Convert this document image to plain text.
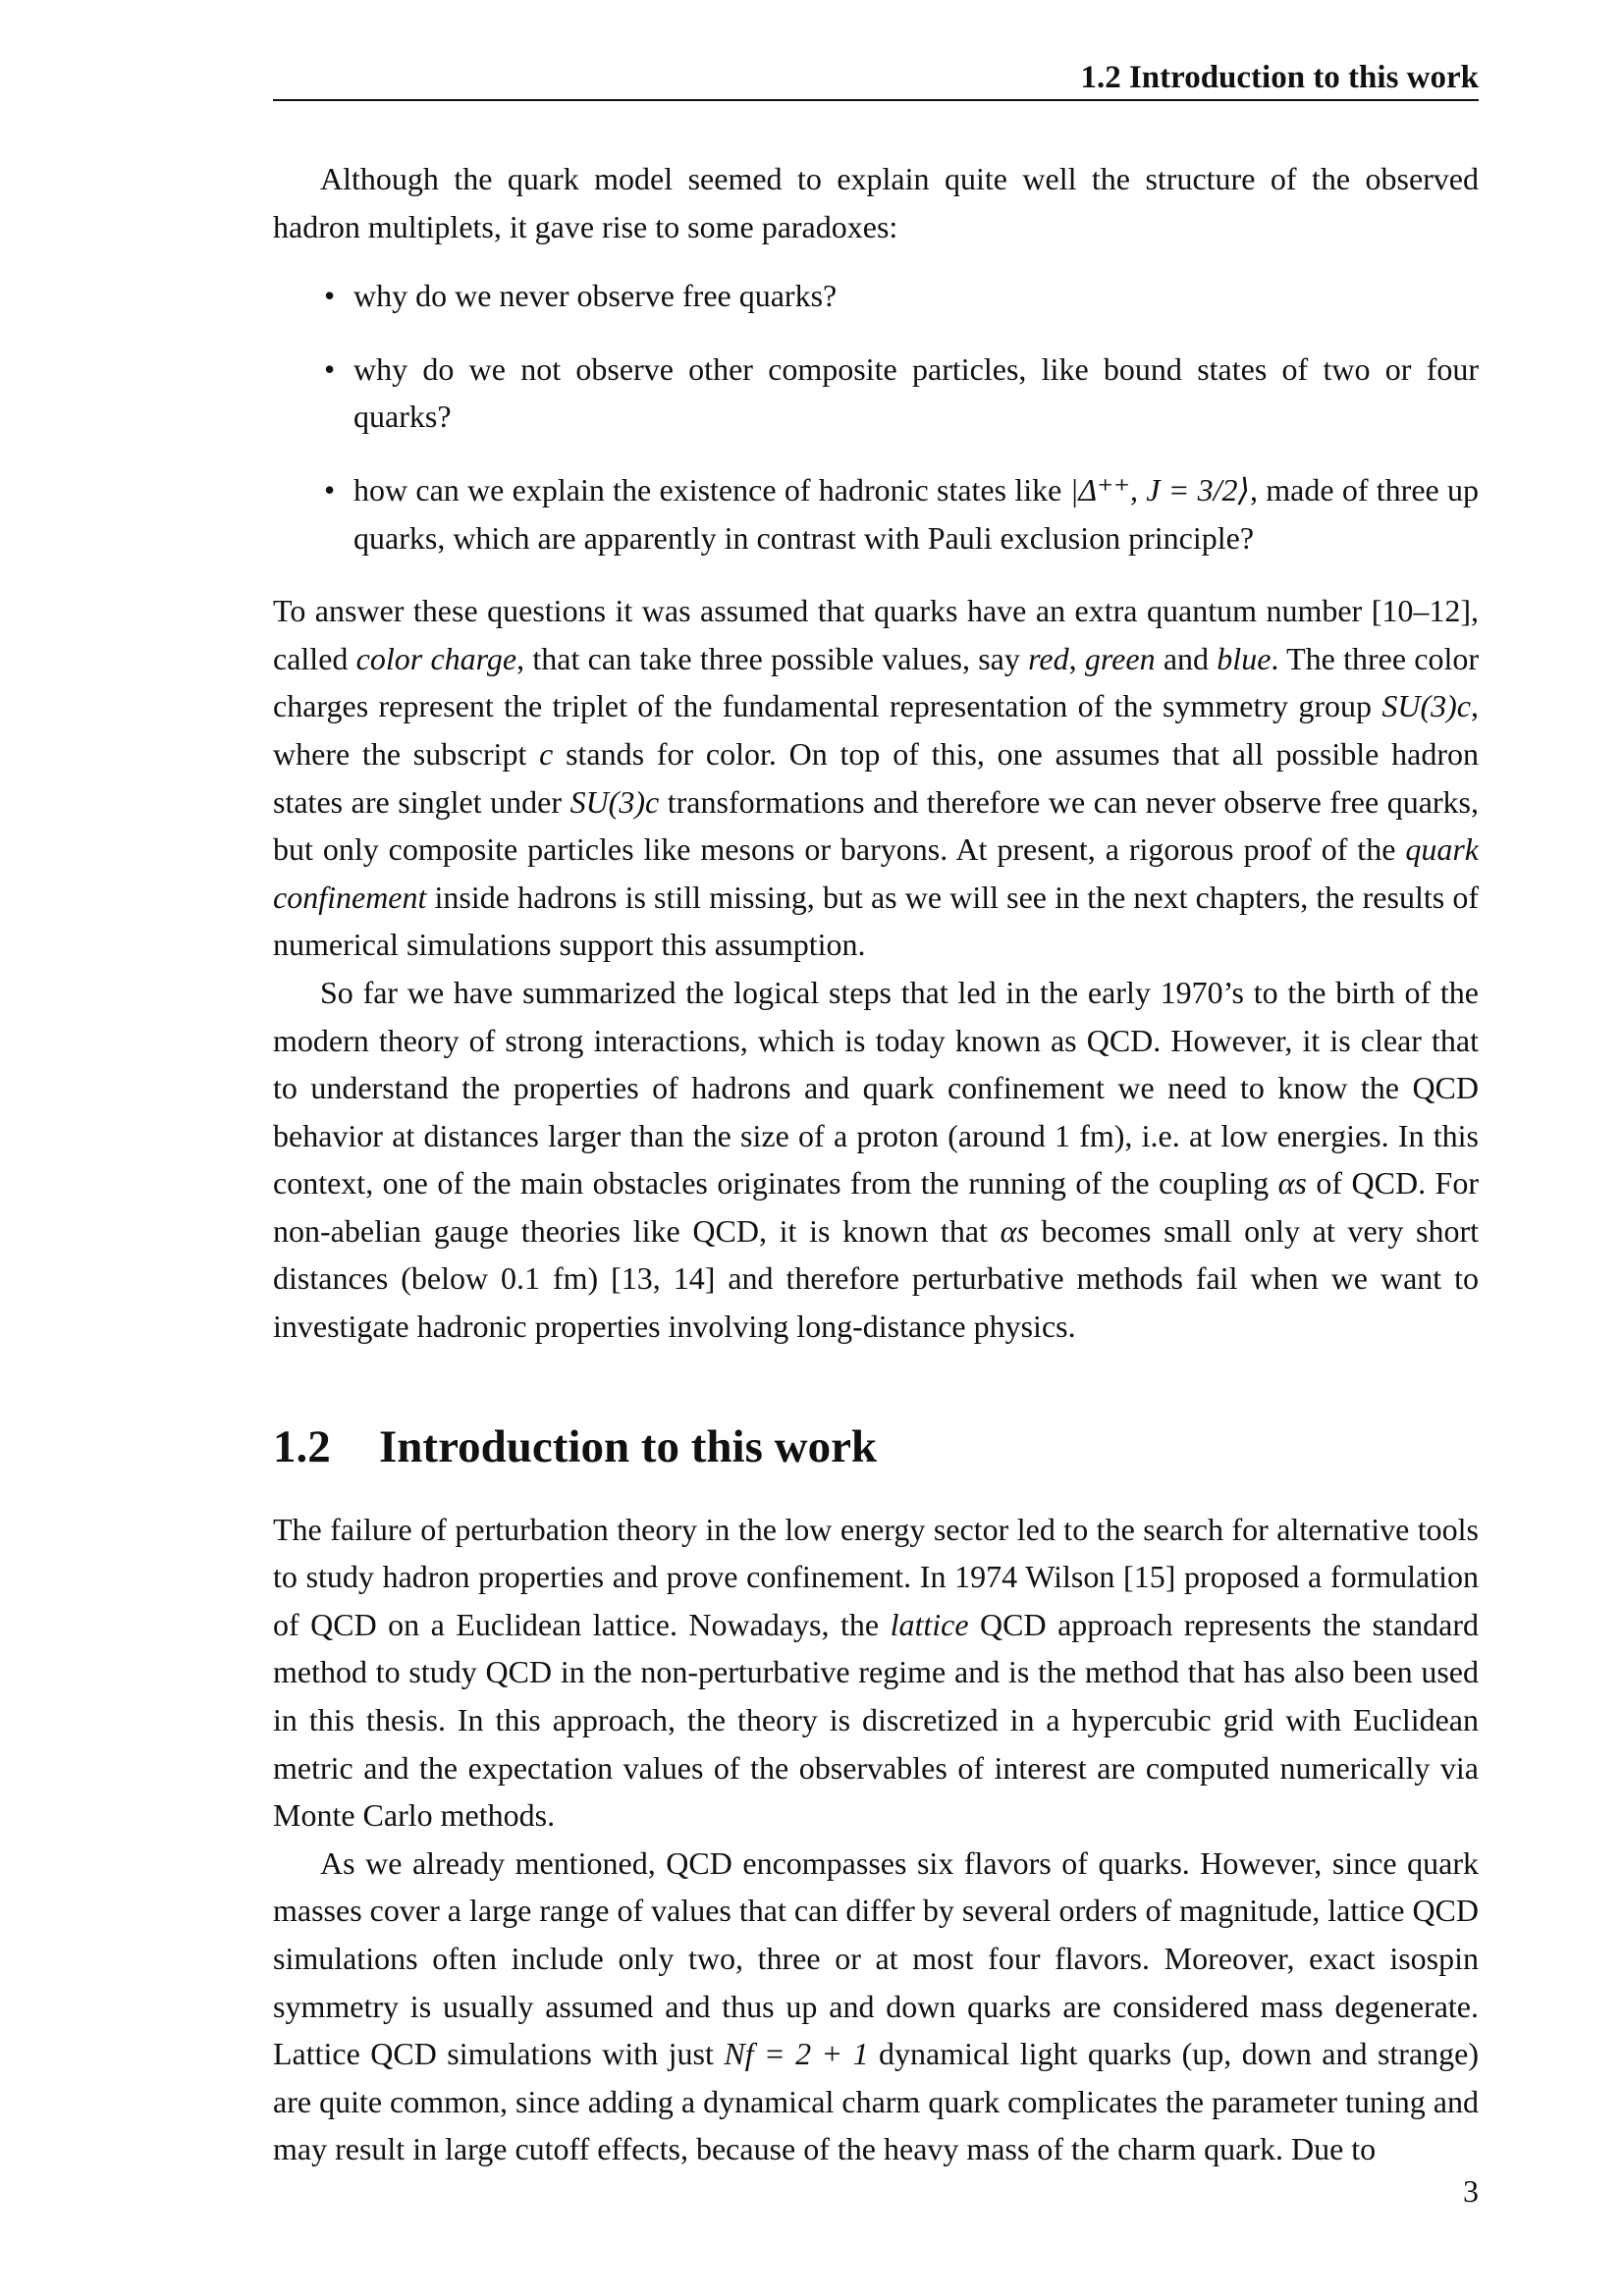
1.2 Introduction to this work

Although the quark model seemed to explain quite well the structure of the observed hadron multiplets, it gave rise to some paradoxes:

• why do we never observe free quarks?
• why do we not observe other composite particles, like bound states of two or four quarks?
• how can we explain the existence of hadronic states like |Δ⁺⁺, J = 3/2⟩, made of three up quarks, which are apparently in contrast with Pauli exclusion principle?

To answer these questions it was assumed that quarks have an extra quantum number [10–12], called color charge, that can take three possible values, say red, green and blue. The three color charges represent the triplet of the fundamental representation of the symmetry group SU(3)c, where the subscript c stands for color. On top of this, one assumes that all possible hadron states are singlet under SU(3)c transformations and therefore we can never observe free quarks, but only composite particles like mesons or baryons. At present, a rigorous proof of the quark confinement inside hadrons is still missing, but as we will see in the next chapters, the results of numerical simulations support this assumption.

So far we have summarized the logical steps that led in the early 1970’s to the birth of the modern theory of strong interactions, which is today known as QCD. However, it is clear that to understand the properties of hadrons and quark confinement we need to know the QCD behavior at distances larger than the size of a proton (around 1 fm), i.e. at low energies. In this context, one of the main obstacles originates from the running of the coupling αs of QCD. For non-abelian gauge theories like QCD, it is known that αs becomes small only at very short distances (below 0.1 fm) [13, 14] and therefore perturbative methods fail when we want to investigate hadronic properties involving long-distance physics.

1.2 Introduction to this work

The failure of perturbation theory in the low energy sector led to the search for alternative tools to study hadron properties and prove confinement. In 1974 Wilson [15] proposed a formulation of QCD on a Euclidean lattice. Nowadays, the lattice QCD approach represents the standard method to study QCD in the non-perturbative regime and is the method that has also been used in this thesis. In this approach, the theory is discretized in a hypercubic grid with Euclidean metric and the expectation values of the observables of interest are computed numerically via Monte Carlo methods.

As we already mentioned, QCD encompasses six flavors of quarks. However, since quark masses cover a large range of values that can differ by several orders of magnitude, lattice QCD simulations often include only two, three or at most four flavors. Moreover, exact isospin symmetry is usually assumed and thus up and down quarks are considered mass degenerate. Lattice QCD simulations with just Nf = 2 + 1 dynamical light quarks (up, down and strange) are quite common, since adding a dynamical charm quark complicates the parameter tuning and may result in large cutoff effects, because of the heavy mass of the charm quark. Due to

3
